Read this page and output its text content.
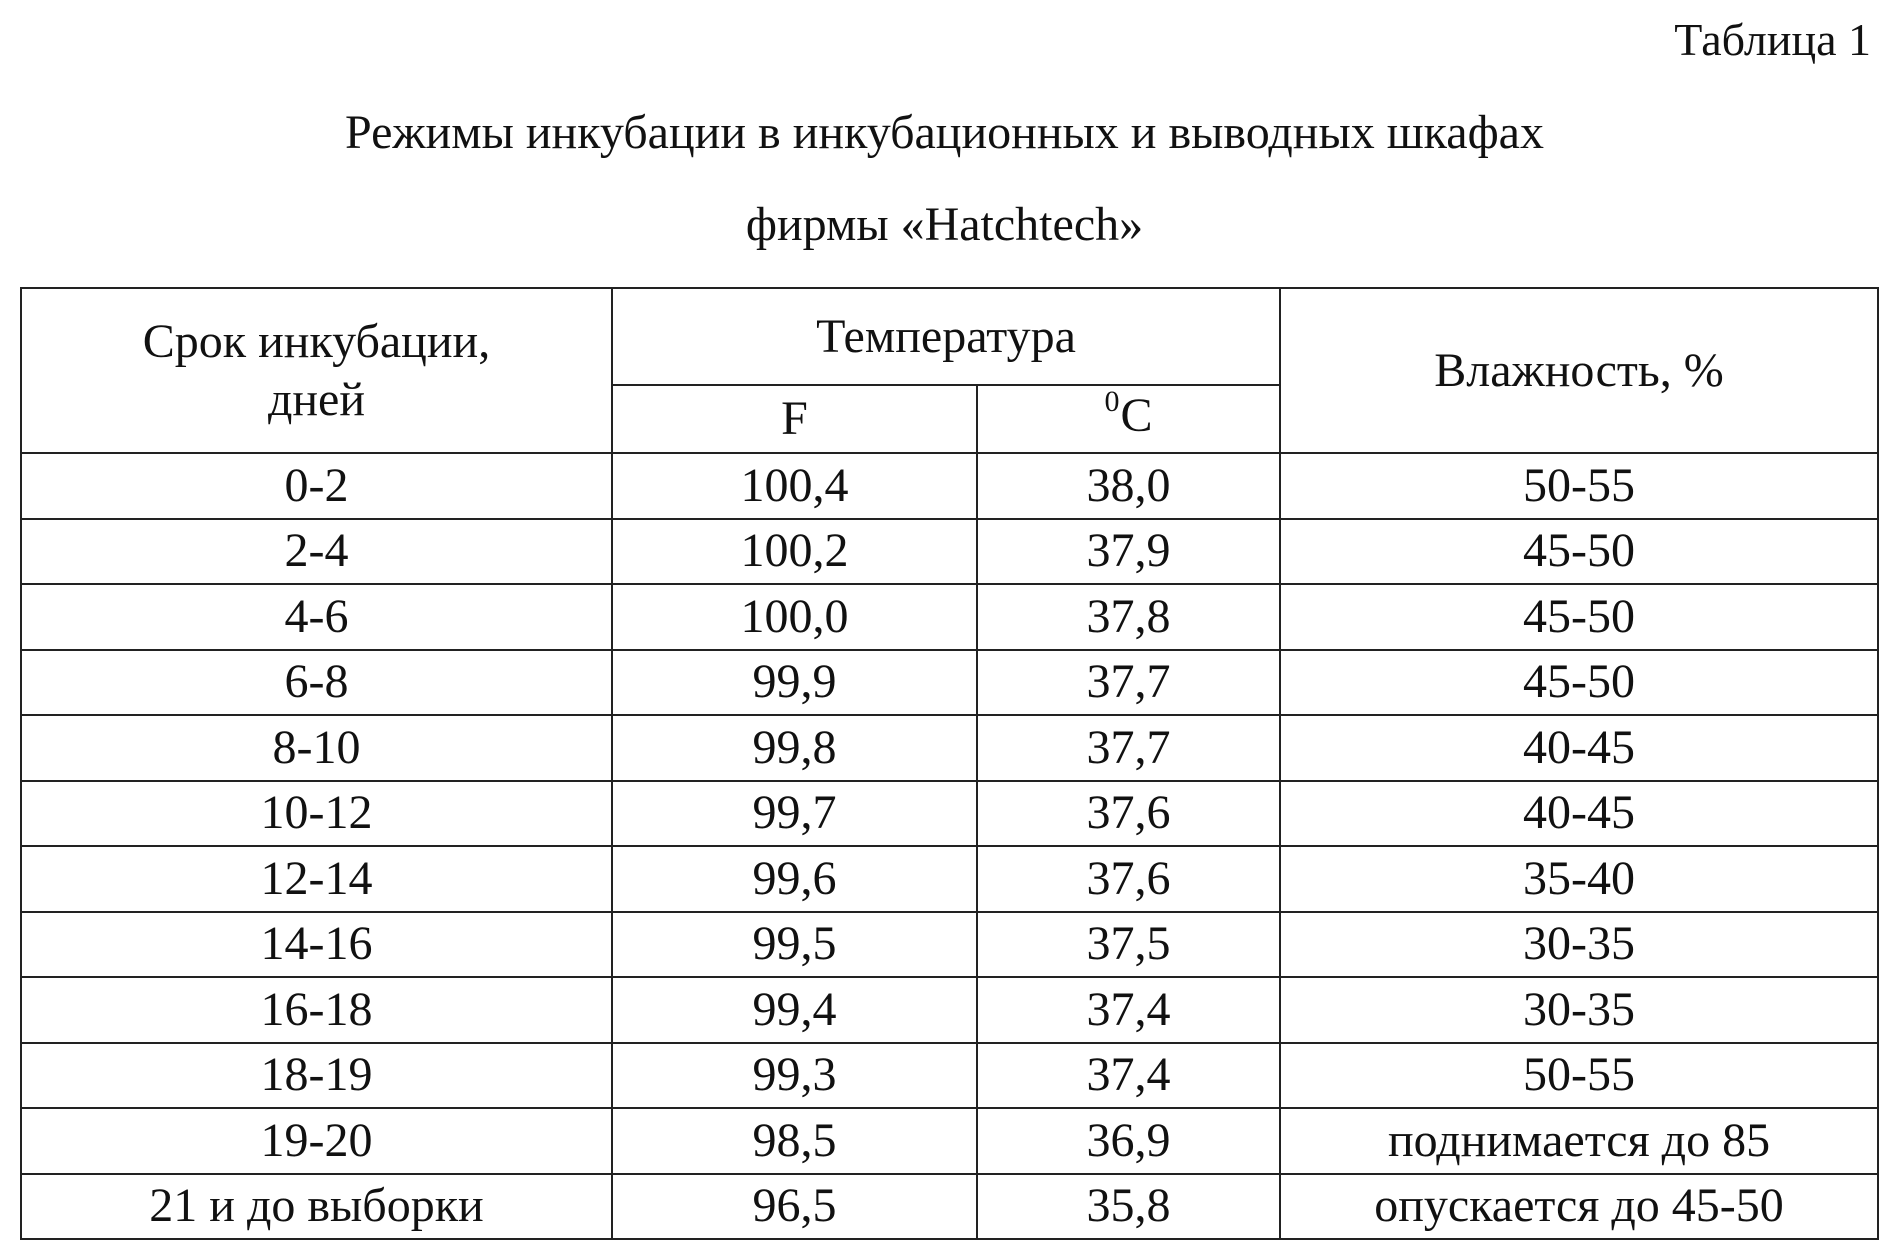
Таблица 1
Режимы инкубации в инкубационных и выводных шкафах
фирмы «Hatchtech»
Срок инкубации,
дней	Температура		Влажность, %
	F	$^0$C	
0-2	100,4	38,0	50-55
2-4	100,2	37,9	45-50
4-6	100,0	37,8	45-50
6-8	99,9	37,7	45-50
8-10	99,8	37,7	40-45
10-12	99,7	37,6	40-45
12-14	99,6	37,6	35-40
14-16	99,5	37,5	30-35
16-18	99,4	37,4	30-35
18-19	99,3	37,4	50-55
19-20	98,5	36,9	поднимается до 85
21 и до выборки	96,5	35,8	опускается до 45-50
